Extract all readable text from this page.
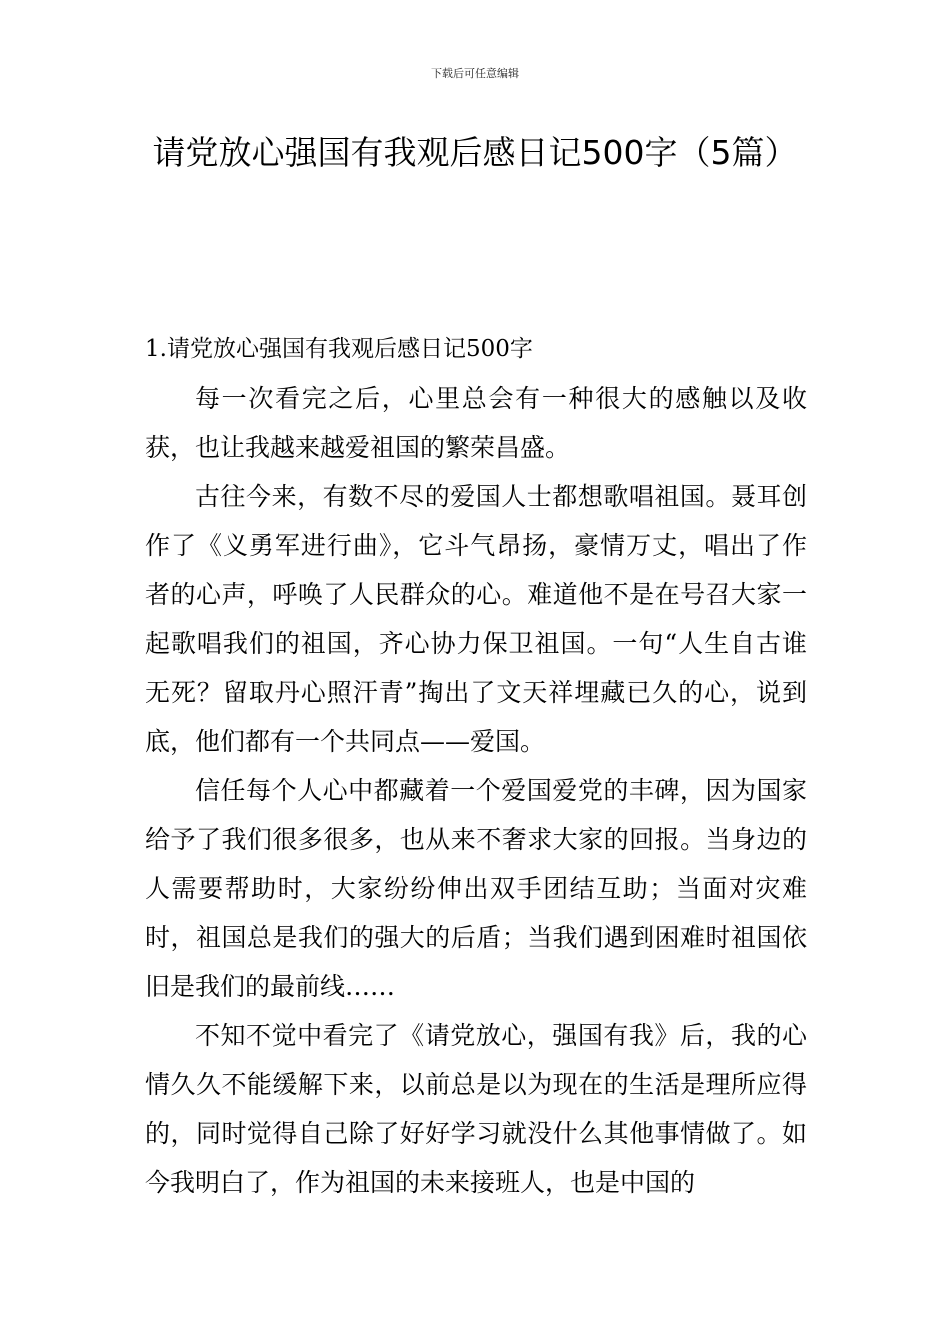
下载后可任意编辑
请党放心强国有我观后感日记500字（5篇）

1.请党放心强国有我观后感日记500字

每一次看完之后，心里总会有一种很大的感触以及收获，也让我越来越爱祖国的繁荣昌盛。

古往今来，有数不尽的爱国人士都想歌唱祖国。聂耳创作了《义勇军进行曲》，它斗气昂扬，豪情万丈，唱出了作者的心声，呼唤了人民群众的心。难道他不是在号召大家一起歌唱我们的祖国，齐心协力保卫祖国。一句“人生自古谁无死？留取丹心照汗青”掏出了文天祥埋藏已久的心，说到底，他们都有一个共同点——爱国。

信任每个人心中都藏着一个爱国爱党的丰碑，因为国家给予了我们很多很多，也从来不奢求大家的回报。当身边的人需要帮助时，大家纷纷伸出双手团结互助；当面对灾难时，祖国总是我们的强大的后盾；当我们遇到困难时祖国依旧是我们的最前线……

不知不觉中看完了《请党放心，强国有我》后，我的心情久久不能缓解下来，以前总是以为现在的生活是理所应得的，同时觉得自己除了好好学习就没什么其他事情做了。如今我明白了，作为祖国的未来接班人，也是中国的
